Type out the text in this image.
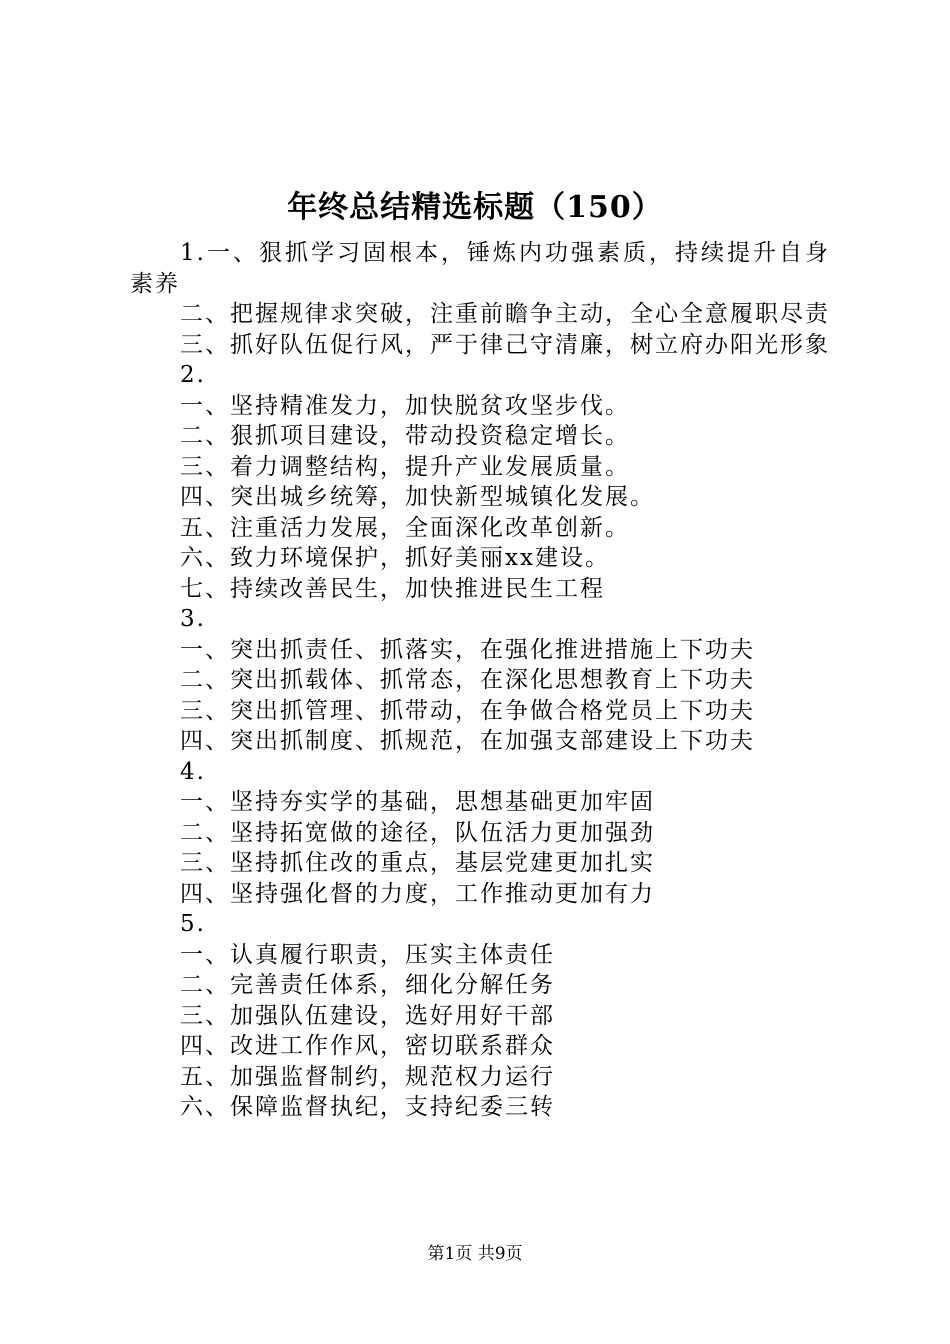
年终总结精选标题（150）

1.一、狠抓学习固根本，锤炼内功强素质，持续提升自身素养

二、把握规律求突破，注重前瞻争主动，全心全意履职尽责

三、抓好队伍促行风，严于律己守清廉，树立府办阳光形象

2.

一、坚持精准发力，加快脱贫攻坚步伐。

二、狠抓项目建设，带动投资稳定增长。

三、着力调整结构，提升产业发展质量。

四、突出城乡统筹，加快新型城镇化发展。

五、注重活力发展，全面深化改革创新。

六、致力环境保护，抓好美丽xx建设。

七、持续改善民生，加快推进民生工程

3.

一、突出抓责任、抓落实，在强化推进措施上下功夫

二、突出抓载体、抓常态，在深化思想教育上下功夫

三、突出抓管理、抓带动，在争做合格党员上下功夫

四、突出抓制度、抓规范，在加强支部建设上下功夫

4.

一、坚持夯实学的基础，思想基础更加牢固

二、坚持拓宽做的途径，队伍活力更加强劲

三、坚持抓住改的重点，基层党建更加扎实

四、坚持强化督的力度，工作推动更加有力

5.

一、认真履行职责，压实主体责任

二、完善责任体系，细化分解任务

三、加强队伍建设，选好用好干部

四、改进工作作风，密切联系群众

五、加强监督制约，规范权力运行

六、保障监督执纪，支持纪委三转

第1页 共9页
